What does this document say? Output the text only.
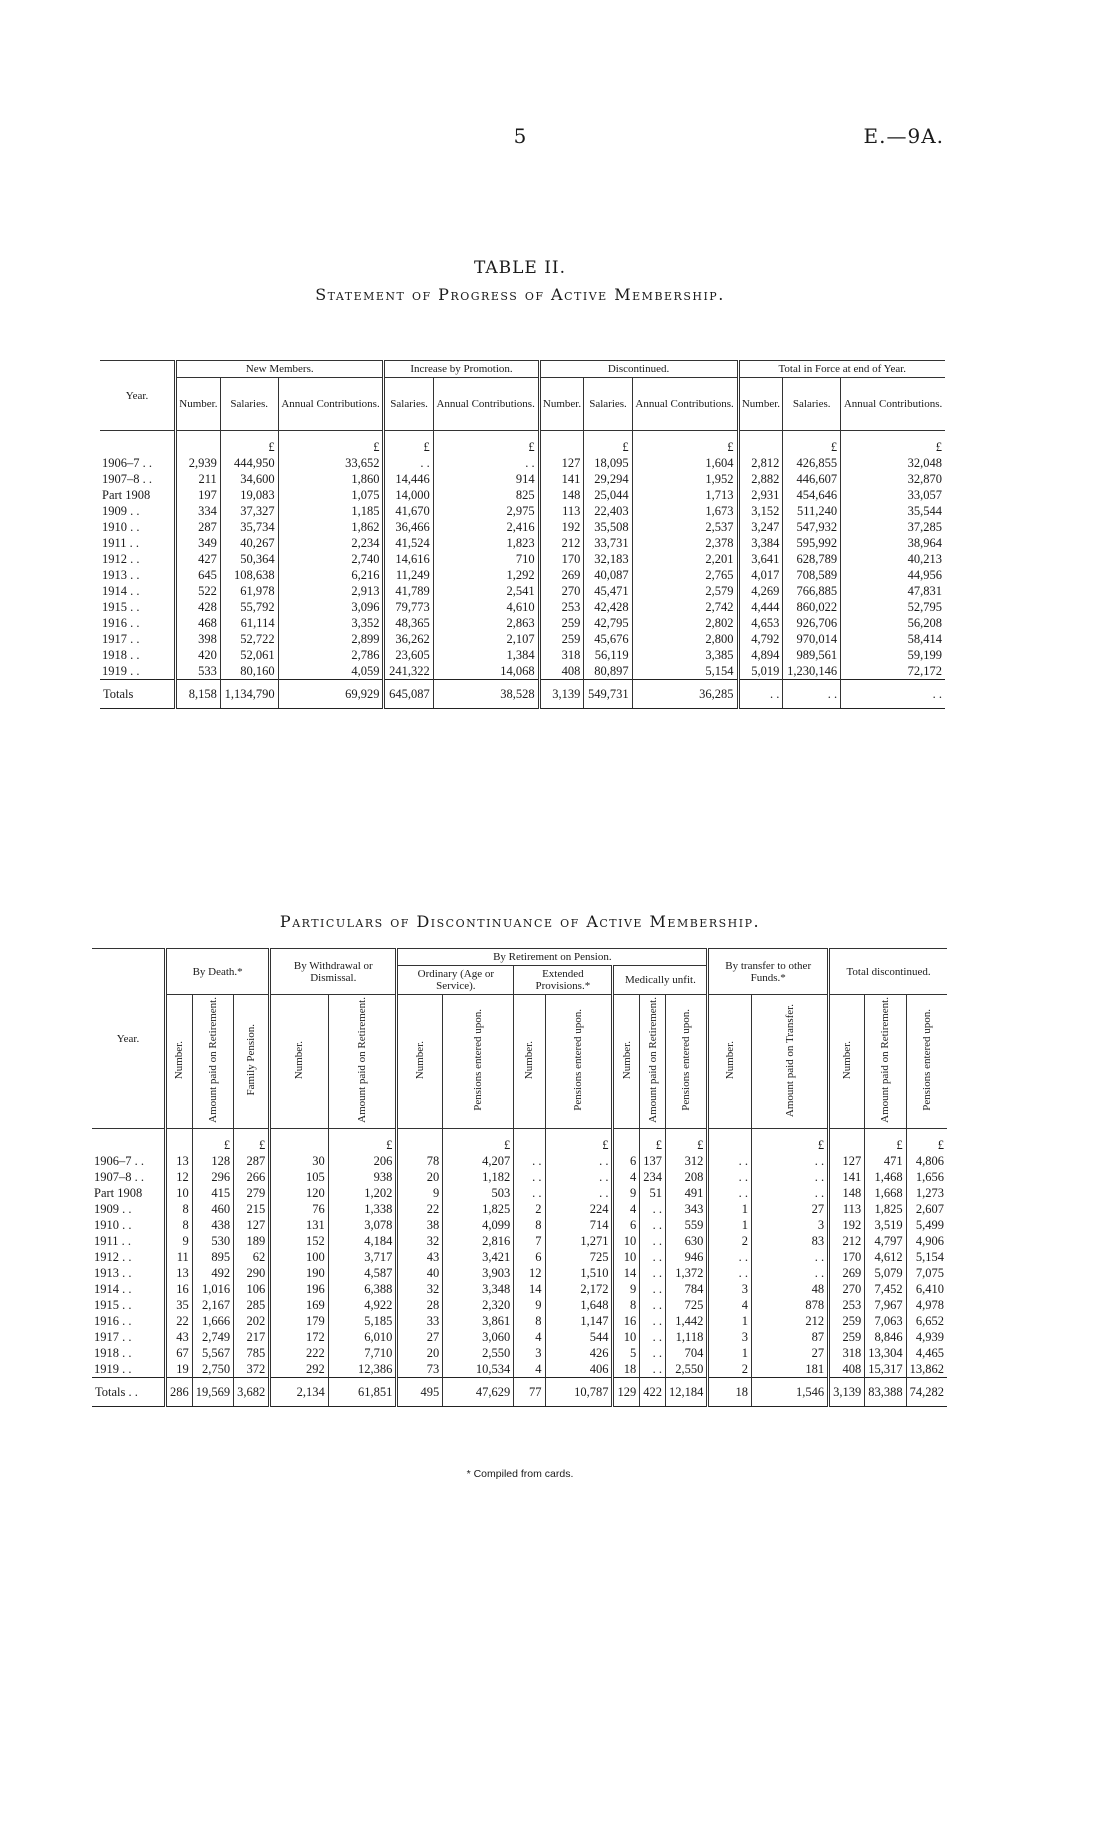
5	E.—9A.
TABLE II.
Statement of Progress of Active Membership.
Year.	New Members.			Increase by Promotion.		Discontinued.			Total in Force at end of Year.		
	Number.	Salaries.	Annual Contributions.	Salaries.	Annual Contributions.	Number.	Salaries.	Annual Contributions.	Number.	Salaries.	Annual Contributions.
		£	£	£	£		£	£		£	£
1906–7 . .	2,939	444,950	33,652	. .	. .	127	18,095	1,604	2,812	426,855	32,048
1907–8 . .	211	34,600	1,860	14,446	914	141	29,294	1,952	2,882	446,607	32,870
Part 1908	197	19,083	1,075	14,000	825	148	25,044	1,713	2,931	454,646	33,057
1909 . .	334	37,327	1,185	41,670	2,975	113	22,403	1,673	3,152	511,240	35,544
1910 . .	287	35,734	1,862	36,466	2,416	192	35,508	2,537	3,247	547,932	37,285
1911 . .	349	40,267	2,234	41,524	1,823	212	33,731	2,378	3,384	595,992	38,964
1912 . .	427	50,364	2,740	14,616	710	170	32,183	2,201	3,641	628,789	40,213
1913 . .	645	108,638	6,216	11,249	1,292	269	40,087	2,765	4,017	708,589	44,956
1914 . .	522	61,978	2,913	41,789	2,541	270	45,471	2,579	4,269	766,885	47,831
1915 . .	428	55,792	3,096	79,773	4,610	253	42,428	2,742	4,444	860,022	52,795
1916 . .	468	61,114	3,352	48,365	2,863	259	42,795	2,802	4,653	926,706	56,208
1917 . .	398	52,722	2,899	36,262	2,107	259	45,676	2,800	4,792	970,014	58,414
1918 . .	420	52,061	2,786	23,605	1,384	318	56,119	3,385	4,894	989,561	59,199
1919 . .	533	80,160	4,059	241,322	14,068	408	80,897	5,154	5,019	1,230,146	72,172
Totals	8,158	1,134,790	69,929	645,087	38,528	3,139	549,731	36,285	. .	. .	. .
Particulars of Discontinuance of Active Membership.
Year.	By Death.*			By Withdrawal or Dismissal.		By Retirement on Pension.							By transfer to other Funds.*		Total discontinued.		
						Ordinary (Age or Service).		Extended Provisions.*		Medically unfit.							
	Number.	Amount paid on Retirement.	Family Pension.	Number.	Amount paid on Retirement.	Number.	Pensions entered upon.	Number.	Pensions entered upon.	Number.	Amount paid on Retirement.	Pensions entered upon.	Number.	Amount paid on Transfer.	Number.	Amount paid on Retirement.	Pensions entered upon.
		£	£		£		£		£		£	£		£		£	£
1906–7 . .	13	128	287	30	206	78	4,207	. .	. .	6	137	312	. .	. .	127	471	4,806
1907–8 . .	12	296	266	105	938	20	1,182	. .	. .	4	234	208	. .	. .	141	1,468	1,656
Part 1908	10	415	279	120	1,202	9	503	. .	. .	9	51	491	. .	. .	148	1,668	1,273
1909 . .	8	460	215	76	1,338	22	1,825	2	224	4	. .	343	1	27	113	1,825	2,607
1910 . .	8	438	127	131	3,078	38	4,099	8	714	6	. .	559	1	3	192	3,519	5,499
1911 . .	9	530	189	152	4,184	32	2,816	7	1,271	10	. .	630	2	83	212	4,797	4,906
1912 . .	11	895	62	100	3,717	43	3,421	6	725	10	. .	946	. .	. .	170	4,612	5,154
1913 . .	13	492	290	190	4,587	40	3,903	12	1,510	14	. .	1,372	. .	. .	269	5,079	7,075
1914 . .	16	1,016	106	196	6,388	32	3,348	14	2,172	9	. .	784	3	48	270	7,452	6,410
1915 . .	35	2,167	285	169	4,922	28	2,320	9	1,648	8	. .	725	4	878	253	7,967	4,978
1916 . .	22	1,666	202	179	5,185	33	3,861	8	1,147	16	. .	1,442	1	212	259	7,063	6,652
1917 . .	43	2,749	217	172	6,010	27	3,060	4	544	10	. .	1,118	3	87	259	8,846	4,939
1918 . .	67	5,567	785	222	7,710	20	2,550	3	426	5	. .	704	1	27	318	13,304	4,465
1919 . .	19	2,750	372	292	12,386	73	10,534	4	406	18	. .	2,550	2	181	408	15,317	13,862
Totals . .	286	19,569	3,682	2,134	61,851	495	47,629	77	10,787	129	422	12,184	18	1,546	3,139	83,388	74,282
* Compiled from cards.
